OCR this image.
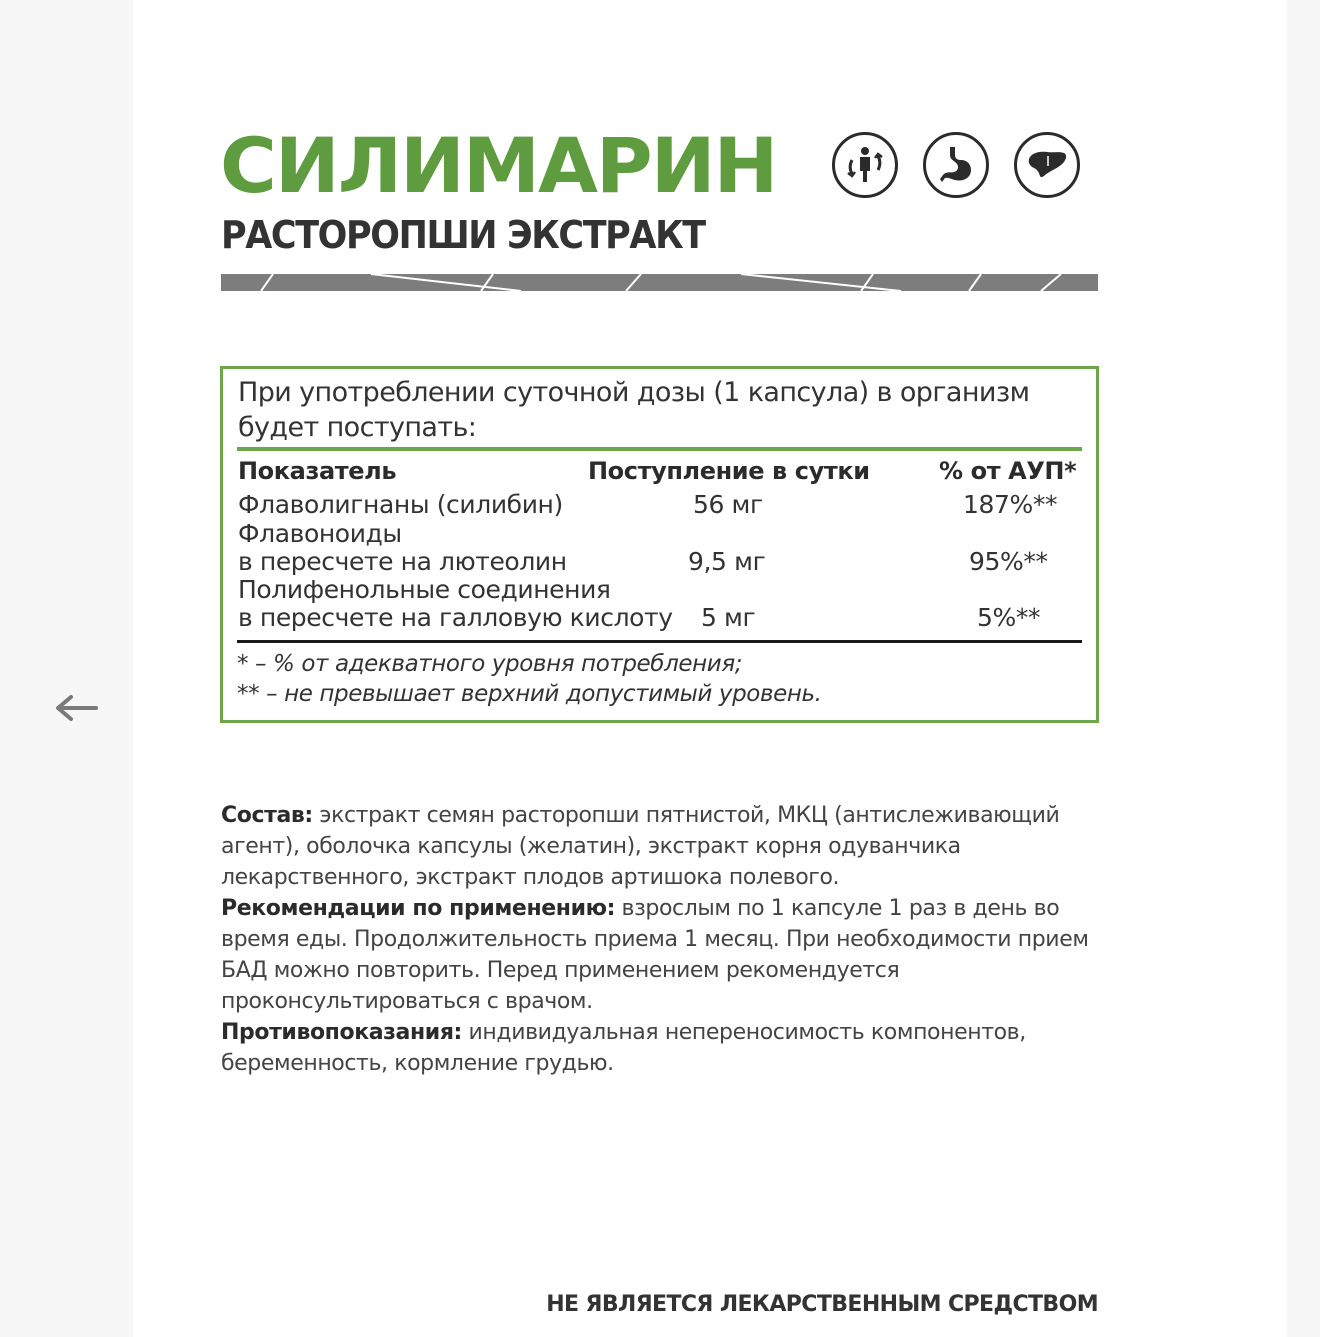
СИЛИМАРИН
РАСТОРОПШИ ЭКСТРАКТ

При употреблении суточной дозы (1 капсула) в организм будет поступать:

Показатель	Поступление в сутки	% от АУП*
Флаволигнаны (силибин)	56 мг	187%**
Флавоноиды
в пересчете на лютеолин	9,5 мг	95%**
Полифенольные соединения
в пересчете на галловую кислоту 5 мг	5%**
* – % от адекватного уровня потребления;
** – не превышает верхний допустимый уровень.

Состав: экстракт семян расторопши пятнистой, МКЦ (антислеживающий агент), оболочка капсулы (желатин), экстракт корня одуванчика лекарственного, экстракт плодов артишока полевого.

Рекомендации по применению: взрослым по 1 капсуле 1 раз в день во время еды. Продолжительность приема 1 месяц. При необходимости прием БАД можно повторить. Перед применением рекомендуется проконсультироваться с врачом.

Противопоказания: индивидуальная непереносимость компонентов, беременность, кормление грудью.

НЕ ЯВЛЯЕТСЯ ЛЕКАРСТВЕННЫМ СРЕДСТВОМ
